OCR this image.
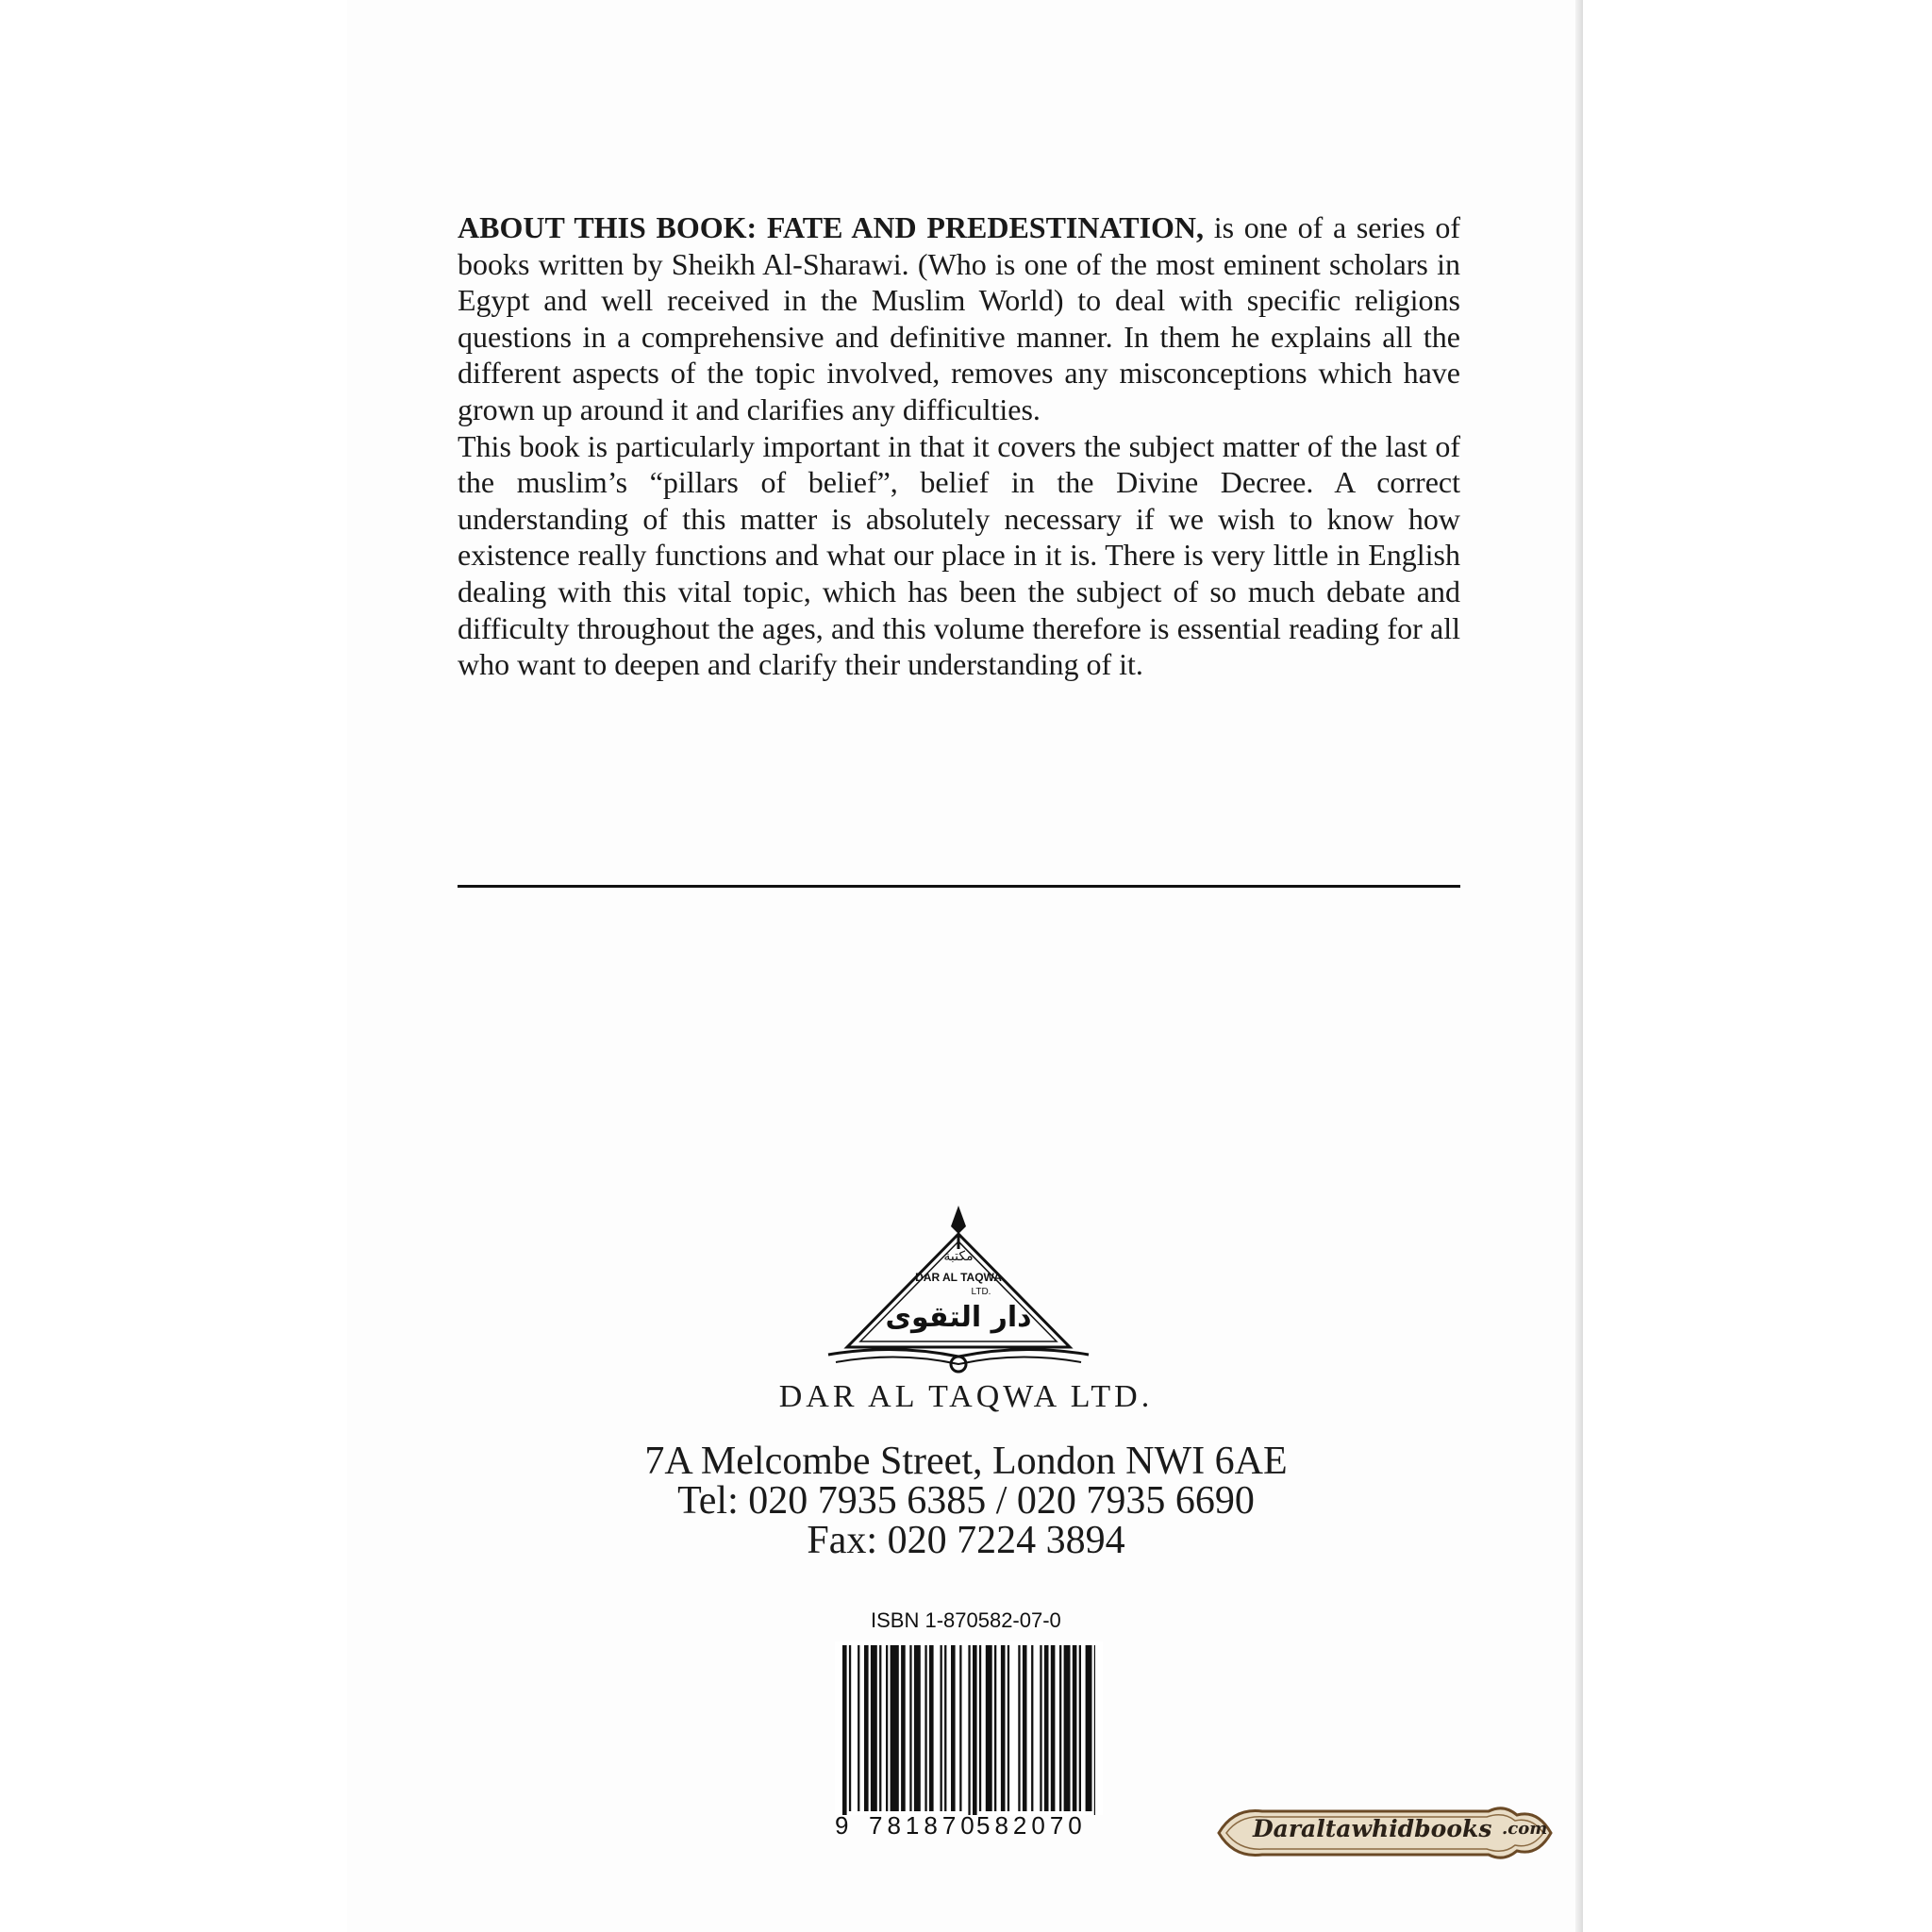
ABOUT THIS BOOK: FATE AND PREDESTINATION, is one of a series of books written by Sheikh Al-Sharawi. (Who is one of the most eminent scholars in Egypt and well received in the Muslim World) to deal with specific religions questions in a comprehensive and definitive manner. In them he explains all the different aspects of the topic involved, removes any misconceptions which have grown up around it and clarifies any difficulties.

This book is particularly important in that it covers the subject matter of the last of the muslim’s “pillars of belief”, belief in the Divine Decree. A correct understanding of this matter is absolutely necessary if we wish to know how existence really functions and what our place in it is. There is very little in English dealing with this vital topic, which has been the subject of so much debate and difficulty throughout the ages, and this volume therefore is essential reading for all who want to deepen and clarify their understanding of it.

مكتبة
DAR AL TAQWA
LTD.
دار التقوى
DAR AL TAQWA LTD.
7A Melcombe Street, London NWI 6AE
Tel: 020 7935 6385 / 020 7935 6690
Fax: 020 7224 3894
ISBN 1-870582-07-0
9 781870
582070	Daraltawhidbooks .com
